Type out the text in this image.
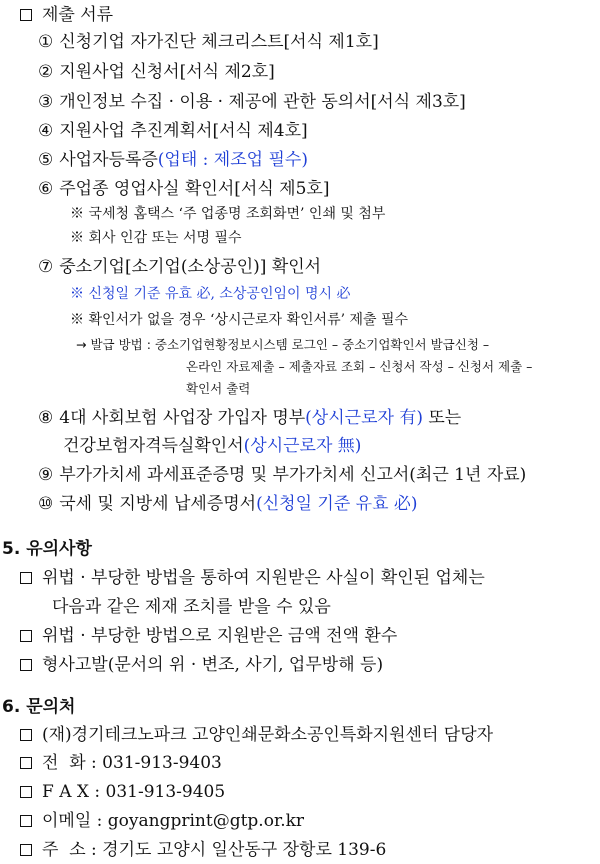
제출 서류
① 신청기업 자가진단 체크리스트[서식 제1호]
② 지원사업 신청서[서식 제2호]
③ 개인정보 수집 · 이용 · 제공에 관한 동의서[서식 제3호]
④ 지원사업 추진계획서[서식 제4호]
⑤ 사업자등록증(업태 : 제조업 필수)
⑥ 주업종 영업사실 확인서[서식 제5호]
※ 국세청 홈택스 ‘주 업종명 조회화면’ 인쇄 및 첨부
※ 회사 인감 또는 서명 필수
⑦ 중소기업[소기업(소상공인)] 확인서
※ 신청일 기준 유효 必, 소상공인임이 명시 必
※ 확인서가 없을 경우 ‘상시근로자 확인서류’ 제출 필수
→ 발급 방법 : 중소기업현황정보시스템 로그인 – 중소기업확인서 발급신청 –
온라인 자료제출 – 제출자료 조회 – 신청서 작성 – 신청서 제출 –
확인서 출력
⑧ 4대 사회보험 사업장 가입자 명부(상시근로자 有) 또는
건강보험자격득실확인서(상시근로자 無)
⑨ 부가가치세 과세표준증명 및 부가가치세 신고서(최근 1년 자료)
⑩ 국세 및 지방세 납세증명서(신청일 기준 유효 必)
5. 유의사항
위법 · 부당한 방법을 통하여 지원받은 사실이 확인된 업체는
다음과 같은 제재 조치를 받을 수 있음
위법 · 부당한 방법으로 지원받은 금액 전액 환수
형사고발(문서의 위 · 변조, 사기, 업무방해 등)
6. 문의처
(재)경기테크노파크 고양인쇄문화소공인특화지원센터 담당자
전  화 : 031-913-9403
F A X : 031-913-9405
이메일 : goyangprint@gtp.or.kr
주  소 : 경기도 고양시 일산동구 장항로 139-6
